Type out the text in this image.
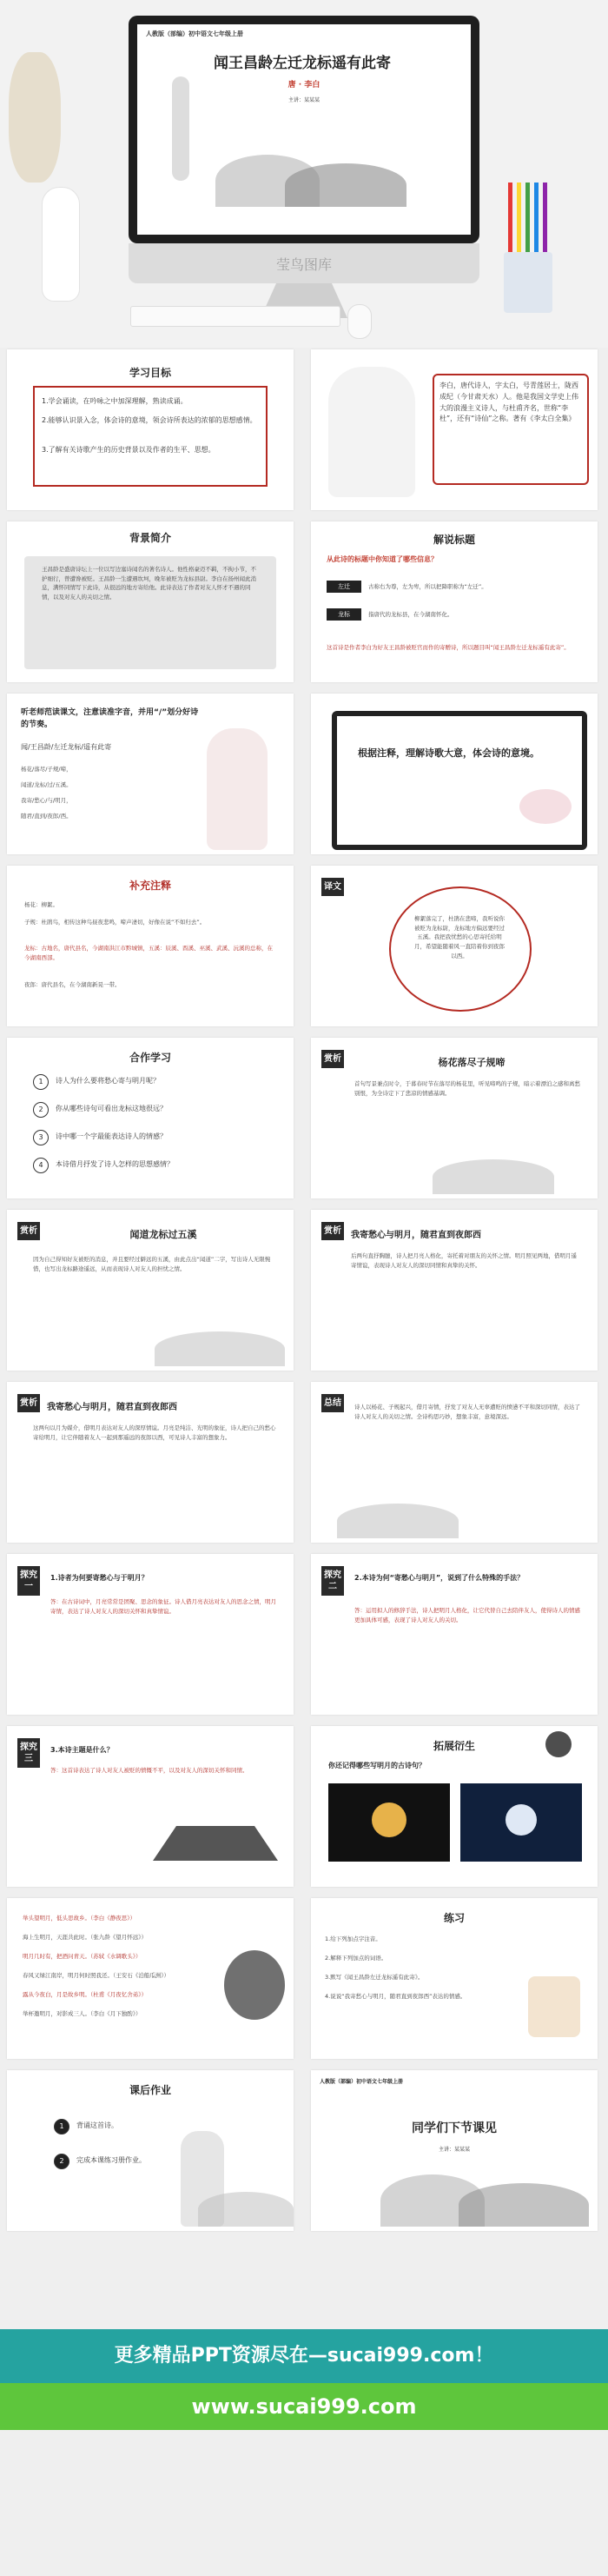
人教版（部编）初中语文七年级上册
闻王昌龄左迁龙标遥有此寄
唐 · 李白
主讲：某某某
莹鸟图库
学习目标
1.学会诵读，在吟咏之中加深理解，熟读成诵。
2.能够认识景入念，体会诗的意境，领会诗所表达的浓郁的思想感情。
3.了解有关诗歌产生的历史背景以及作者的生平、思想。
李白，唐代诗人，字太白，号青莲居士，陇西成纪（今甘肃天水）人。他是我国文学史上伟大的浪漫主义诗人，与杜甫齐名，世称“李杜”，还有“诗仙”之称。著有《李太白全集》
背景简介
王昌龄是盛唐诗坛上一位以写边塞诗闻名的著名诗人。他性格豪迈不羁，不拘小节，不护细行，曾遭谗被贬。王昌龄一生遭遇坎坷，晚年被贬为龙标县尉。李白在扬州闻此消息，满怀同情写下此诗，从很远的地方寄给他。此诗表达了作者对友人怀才不遇的同情，以及对友人的关切之情。
解说标题
从此诗的标题中你知道了哪些信息？
左迁	古称右为尊，左为卑，所以把降职称为“左迁”。
龙标	指唐代的龙标县，在今湖南怀化。
这首诗是作者李白为好友王昌龄被贬官而作的寄赠诗，所以题目叫“闻王昌龄左迁龙标遥有此寄”。
听老师范读课文，注意读准字音，并用“/”划分好诗的节奏。
闻/王昌龄/左迁龙标/遥有此寄
杨花/落尽/子规/啼，
闻道/龙标/过/五溪。
我寄/愁心/与/明月，
随君/直到/夜郎/西。
根据注释，理解诗歌大意，体会诗的意境。
补充注释
杨花：柳絮。
子规：杜鹃鸟，相传这种鸟昼夜悲鸣，啼声凄切，好像在说“不如归去”。
龙标：古地名，唐代县名，今湖南洪江市黔城镇，五溪：辰溪、酉溪、巫溪、武溪、沅溪的总称，在今湖南西部。
夜郎：唐代县名，在今湖南新晃一带。
译文
柳絮落完了，杜鹃在悲啼，我听说你被贬为龙标尉，龙标地方偏远要经过五溪。我把我忧愁的心思寄托给明月，希望能随着风一直陪着你到夜郎以西。
合作学习
1	诗人为什么要将愁心寄与明月呢？
2	你从哪些诗句可看出龙标这地很远？
3	诗中哪一个字最能表达诗人的情感？
4	本诗借月抒发了诗人怎样的思想感情？
赏析	杨花落尽子规啼
首句写景兼点时令，于暮春时节在落尽的杨花里，听见啼鸣的子规，暗示着漂泊之感和离愁别恨，为全诗定下了悲凉的情感基调。
赏析	闻道龙标过五溪
因为自己得知好友被贬的消息，并且要经过僻远的五溪，由此点出“闻道”二字，写出诗人无限惋惜，也写出龙标路途遥远，从而表现诗人对友人的担忧之情。
赏析	我寄愁心与明月，随君直到夜郎西
后两句直抒胸臆，诗人把月亮人格化，寄托着对朋友的关怀之情。明月照见两地，借明月遥寄情谊，表现诗人对友人的深切同情和真挚的关怀。
赏析	我寄愁心与明月，随君直到夜郎西
这两句以月为媒介，借明月表达对友人的深厚情谊。月亮是纯洁、光明的象征，诗人把自己的愁心寄给明月，让它伴随着友人一起到那遥远的夜郎以西，可见诗人丰富的想象力。
总结	诗人以杨花、子规起兴，借月寄情，抒发了对友人无辜遭贬的愤懑不平和深切同情，表达了诗人对友人的关切之情。全诗构思巧妙，想象丰富，意境深远。
探究一
1.诗者为何要寄愁心与于明月？
答：在古诗词中，月亮常常是团聚、思念的象征。诗人借月亮表达对友人的思念之情，明月寄情，表达了诗人对友人的深切关怀和真挚情谊。
探究二
2.本诗为何“寄愁心与明月”，说到了什么特殊的手法？
答：运用拟人的修辞手法，诗人把明月人格化，让它代替自己去陪伴友人，使得诗人的情感更加具体可感，表现了诗人对友人的关切。
探究三
3.本诗主题是什么？
答：这首诗表达了诗人对友人被贬的愤慨不平，以及对友人的深切关怀和同情。
拓展衍生
你还记得哪些写明月的古诗句？
举头望明月，低头思故乡。（李白《静夜思》）
海上生明月，天涯共此时。（张九龄《望月怀远》）
明月几时有，把酒问青天。（苏轼《水调歌头》）
春风又绿江南岸，明月何时照我还。（王安石《泊船瓜洲》）
露从今夜白，月是故乡明。（杜甫《月夜忆舍弟》）
举杯邀明月，对影成三人。（李白《月下独酌》）
练习
1.给下列加点字注音。
2.解释下列加点的词语。
3.默写《闻王昌龄左迁龙标遥有此寄》。
4.说说“我寄愁心与明月，随君直到夜郎西”表达的情感。
课后作业
1	背诵这首诗。
2	完成本课练习册作业。
人教版（部编）初中语文七年级上册
同学们下节课见
主讲：某某某
更多精品PPT资源尽在—sucai999.com！
www.sucai999.com
